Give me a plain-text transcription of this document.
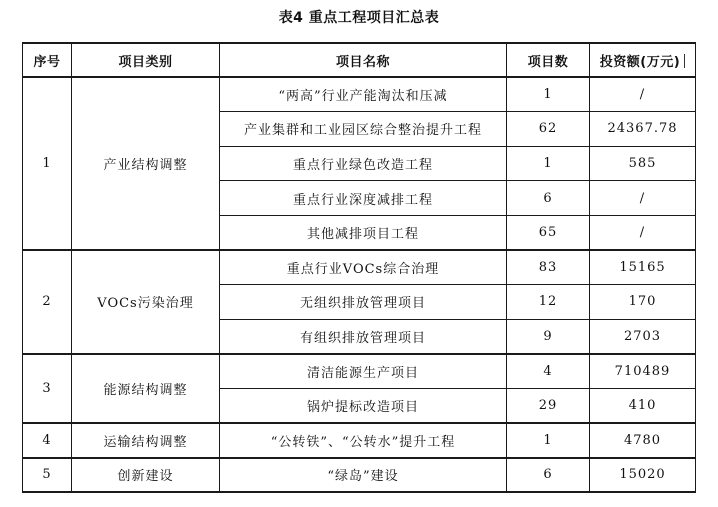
表4 重点工程项目汇总表
序号	项目类别	项目名称	项目数	投资额(万元)
1	产业结构调整	“两高”行业产能淘汰和压减	1	/
		产业集群和工业园区综合整治提升工程	62	24367.78
		重点行业绿色改造工程	1	585
		重点行业深度减排工程	6	/
		其他减排项目工程	65	/
2	VOCs污染治理	重点行业VOCs综合治理	83	15165
		无组织排放管理项目	12	170
		有组织排放管理项目	9	2703
3	能源结构调整	清洁能源生产项目	4	710489
		锅炉提标改造项目	29	410
4	运输结构调整	“公转铁”、“公转水”提升工程	1	4780
5	创新建设	“绿岛”建设	6	15020
